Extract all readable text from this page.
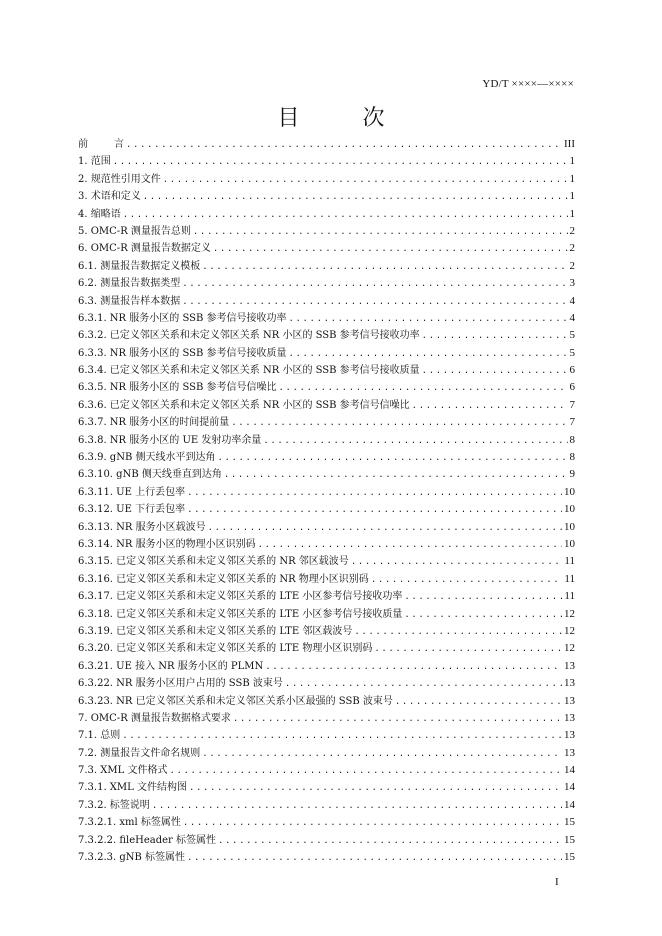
YD/T ××××—××××
目 次
前	言 .....	III
1. 范围 .....	1
2. 规范性引用文件 .....	1
3. 术语和定义 .....	1
4. 缩略语 .....	1
5. OMC-R 测量报告总则 .....	2
6. OMC-R 测量报告数据定义 .....	2
6.1. 测量报告数据定义模板 .....	2
6.2. 测量报告数据类型 .....	3
6.3. 测量报告样本数据 .....	4
6.3.1. NR 服务小区的 SSB 参考信号接收功率 .....	4
6.3.2. 已定义邻区关系和未定义邻区关系 NR 小区的 SSB 参考信号接收功率 .....	5
6.3.3. NR 服务小区的 SSB 参考信号接收质量 .....	5
6.3.4. 已定义邻区关系和未定义邻区关系 NR 小区的 SSB 参考信号接收质量 .....	6
6.3.5. NR 服务小区的 SSB 参考信号信噪比 .....	6
6.3.6. 已定义邻区关系和未定义邻区关系 NR 小区的 SSB 参考信号信噪比 .....	7
6.3.7. NR 服务小区的时间提前量 .....	7
6.3.8. NR 服务小区的 UE 发射功率余量 .....	8
6.3.9. gNB 侧天线水平到达角 .....	8
6.3.10. gNB 侧天线垂直到达角 .....	9
6.3.11. UE 上行丢包率 .....	10
6.3.12. UE 下行丢包率 .....	10
6.3.13. NR 服务小区载波号 .....	10
6.3.14. NR 服务小区的物理小区识别码 .....	10
6.3.15. 已定义邻区关系和未定义邻区关系的 NR 邻区载波号 .....	11
6.3.16. 已定义邻区关系和未定义邻区关系的 NR 物理小区识别码 .....	11
6.3.17. 已定义邻区关系和未定义邻区关系的 LTE 小区参考信号接收功率 .....	11
6.3.18. 已定义邻区关系和未定义邻区关系的 LTE 小区参考信号接收质量 .....	12
6.3.19. 已定义邻区关系和未定义邻区关系的 LTE 邻区载波号 .....	12
6.3.20. 已定义邻区关系和未定义邻区关系的 LTE 物理小区识别码 .....	12
6.3.21. UE 接入 NR 服务小区的 PLMN .....	13
6.3.22. NR 服务小区用户占用的 SSB 波束号 .....	13
6.3.23. NR 已定义邻区关系和未定义邻区关系小区最强的 SSB 波束号 .....	13
7. OMC-R 测量报告数据格式要求 .....	13
7.1. 总则 .....	13
7.2. 测量报告文件命名规则 .....	13
7.3. XML 文件格式 .....	14
7.3.1. XML 文件结构图 .....	14
7.3.2. 标签说明 .....	14
7.3.2.1. xml 标签属性 .....	15
7.3.2.2. fileHeader 标签属性 .....	15
7.3.2.3. gNB 标签属性 .....	15
I
